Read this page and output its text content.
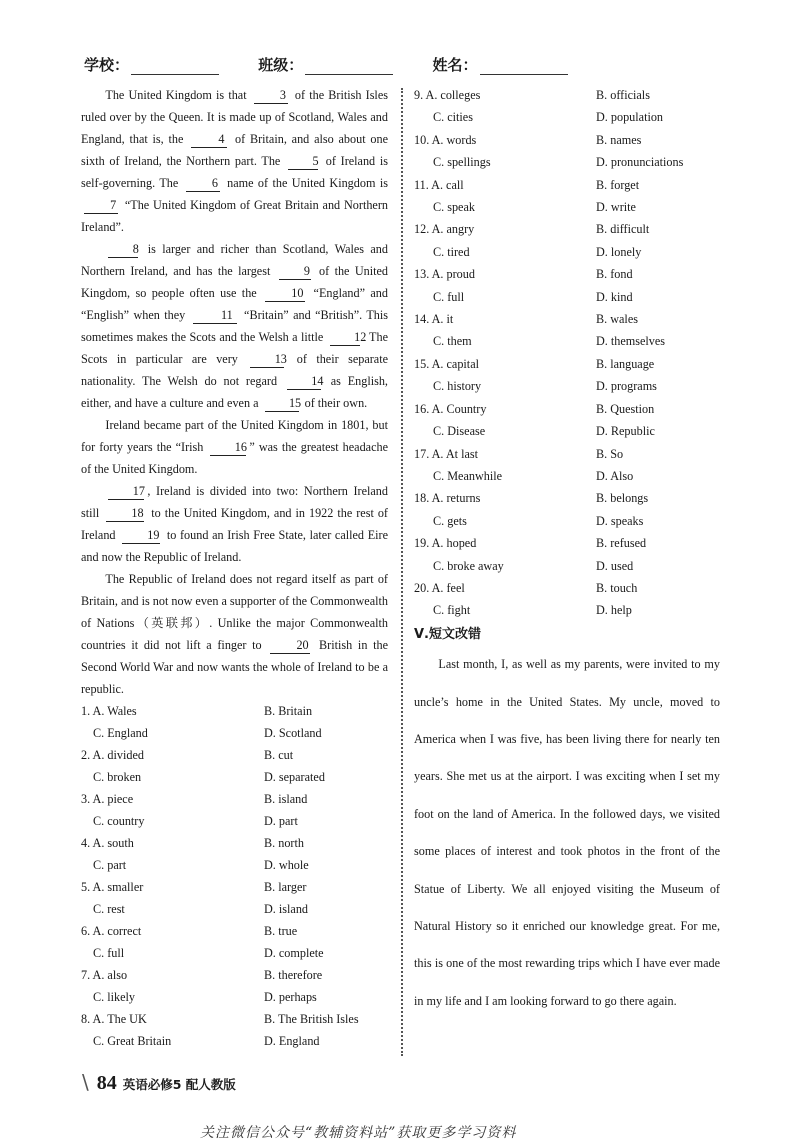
学校：	班级：	姓名：

The United Kingdom is that 3 of the British Isles ruled over by the Queen. It is made up of Scotland, Wales and England, that is, the 4 of Britain, and also about one sixth of Ireland, the Northern part. The 5 of Ireland is self-governing. The 6 name of the United Kingdom is 7 “The United Kingdom of Great Britain and Northern Ireland”.

8 is larger and richer than Scotland, Wales and Northern Ireland, and has the largest 9 of the United Kingdom, so people often use the 10 “England” and “English” when they	11 “Britain” and “British”. This sometimes makes the Scots and the Welsh a little 12. The Scots in particular are very 13 of their separate nationality. The Welsh do not regard 14 as English, either, and have a culture and even a 15 of their own.

Ireland became part of the United Kingdom in 1801, but for forty years the “Irish 16 ” was the greatest headache of the United Kingdom.

17 , Ireland is divided into two: Northern Ireland still 18 to the United Kingdom, and in 1922 the rest of Ireland 19 to found an Irish Free State, later called Eire and now the Republic of Ireland.

The Republic of Ireland does not regard itself as part of Britain, and is not now even a supporter of the Commonwealth of Nations（英联邦）. Unlike the major Commonwealth countries it did not lift a finger to 20 British in the Second World War and now wants the whole of Ireland to be a republic.

1. A. Wales	B. Britain
C. England	D. Scotland
2. A. divided	B. cut
C. broken	D. separated
3. A. piece	B. island
C. country	D. part
4. A. south	B. north
C. part	D. whole
5. A. smaller	B. larger
C. rest	D. island
6. A. correct	B. true
C. full	D. complete
7. A. also	B. therefore
C. likely	D. perhaps
8. A. The UK	B. The British Isles
C. Great Britain	D. England
9. A. colleges	B. officials
C. cities	D. population
10. A. words	B. names
C. spellings	D. pronunciations
11. A. call	B. forget
C. speak	D. write
12. A. angry	B. difficult
C. tired	D. lonely
13. A. proud	B. fond
C. full	D. kind
14. A. it	B. wales
C. them	D. themselves
15. A. capital	B. language
C. history	D. programs
16. A. Country	B. Question
C. Disease	D. Republic
17. A. At last	B. So
C. Meanwhile	D. Also
18. A. returns	B. belongs
C. gets	D. speaks
19. A. hoped	B. refused
C. broke away	D. used
20. A. feel	B. touch
C. fight	D. help
Ⅴ.短文改错

Last month, I, as well as my parents, were invited to my uncle’s home in the United States. My uncle, moved to America when I was five, has been living there for nearly ten years. She met us at the airport. I was exciting when I set my foot on the land of America. In the followed days, we visited some places of interest and took photos in the front of the Statue of Liberty. We all enjoyed visiting the Museum of Natural History so it enriched our knowledge great. For me, this is one of the most rewarding trips which I have ever made in my life and I am looking forward to go there again.

\ 84 英语必修5 配人教版
关注微信公众号“教辅资料站”获取更多学习资料
